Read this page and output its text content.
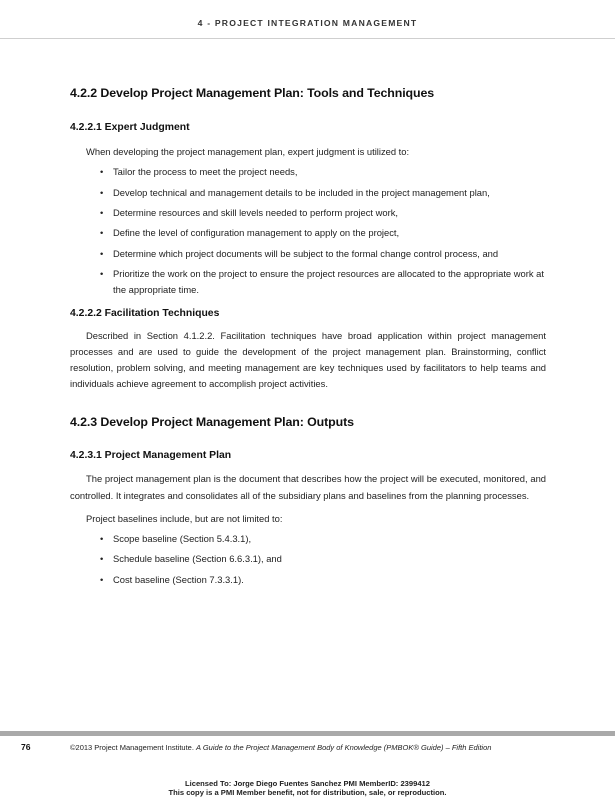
4 - PROJECT INTEGRATION MANAGEMENT
4.2.2 Develop Project Management Plan: Tools and Techniques
4.2.2.1 Expert Judgment

When developing the project management plan, expert judgment is utilized to:

• Tailor the process to meet the project needs,
• Develop technical and management details to be included in the project management plan,
• Determine resources and skill levels needed to perform project work,
• Define the level of configuration management to apply on the project,
• Determine which project documents will be subject to the formal change control process, and
• Prioritize the work on the project to ensure the project resources are allocated to the appropriate work at the appropriate time.
4.2.2.2 Facilitation Techniques

Described in Section 4.1.2.2. Facilitation techniques have broad application within project management processes and are used to guide the development of the project management plan. Brainstorming, conflict resolution, problem solving, and meeting management are key techniques used by facilitators to help teams and individuals achieve agreement to accomplish project activities.

4.2.3 Develop Project Management Plan: Outputs
4.2.3.1 Project Management Plan

The project management plan is the document that describes how the project will be executed, monitored, and controlled. It integrates and consolidates all of the subsidiary plans and baselines from the planning processes.

Project baselines include, but are not limited to:

• Scope baseline (Section 5.4.3.1),
• Schedule baseline (Section 6.6.3.1), and
• Cost baseline (Section 7.3.3.1).
76	©2013 Project Management Institute. A Guide to the Project Management Body of Knowledge (PMBOK® Guide) – Fifth Edition
Licensed To: Jorge Diego Fuentes Sanchez PMI MemberID: 2399412
This copy is a PMI Member benefit, not for distribution, sale, or reproduction.
